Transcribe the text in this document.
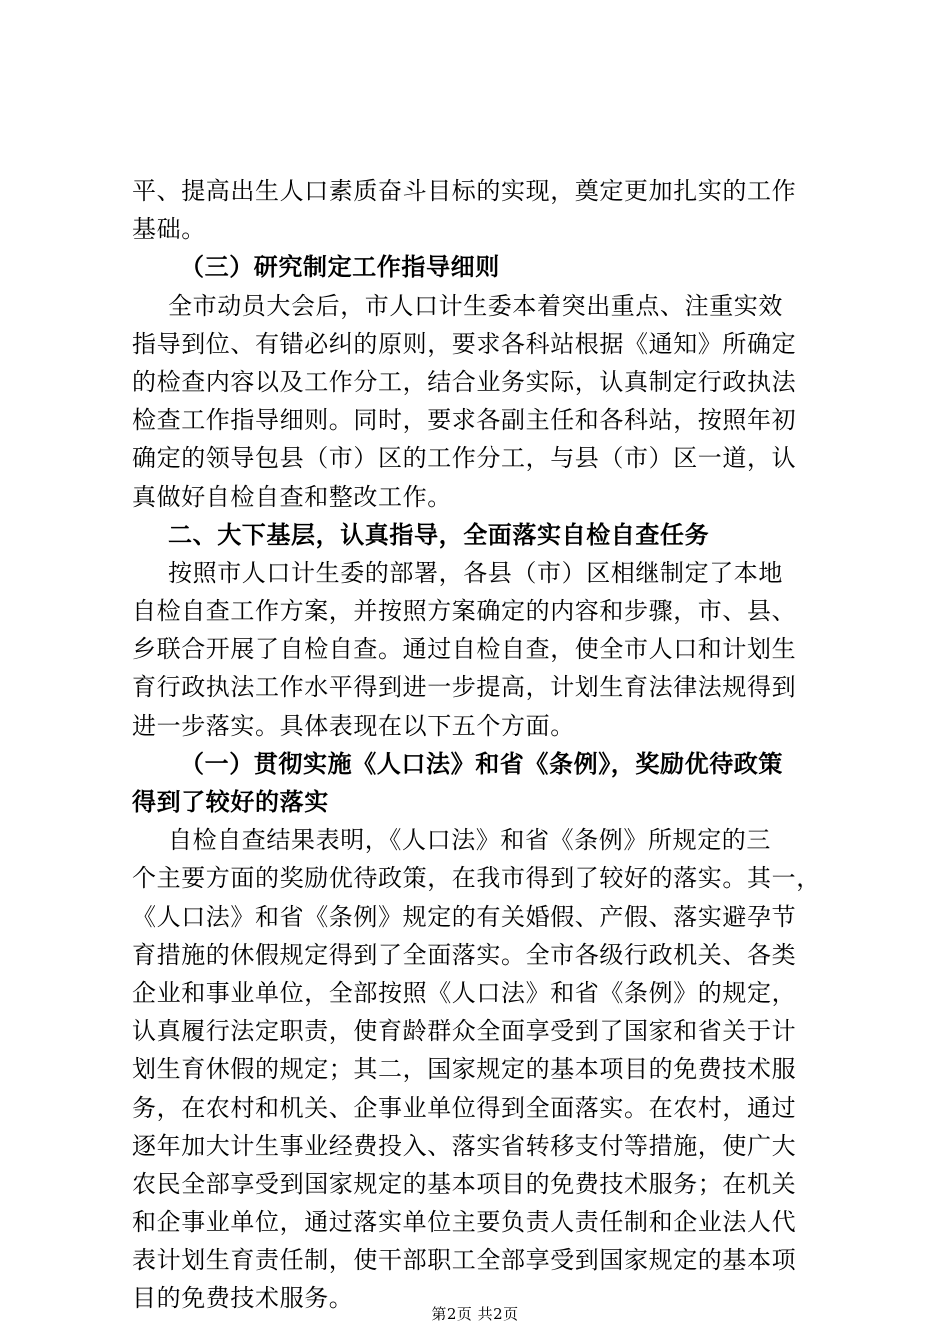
平、提高出生人口素质奋斗目标的实现，奠定更加扎实的工作
基础。
（三）研究制定工作指导细则
全市动员大会后，市人口计生委本着突出重点、注重实效
指导到位、有错必纠的原则，要求各科站根据《通知》所确定
的检查内容以及工作分工，结合业务实际，认真制定行政执法
检查工作指导细则。同时，要求各副主任和各科站，按照年初
确定的领导包县（市）区的工作分工，与县（市）区一道，认
真做好自检自查和整改工作。
二、大下基层，认真指导，全面落实自检自查任务
按照市人口计生委的部署，各县（市）区相继制定了本地
自检自查工作方案，并按照方案确定的内容和步骤，市、县、
乡联合开展了自检自查。通过自检自查，使全市人口和计划生
育行政执法工作水平得到进一步提高，计划生育法律法规得到
进一步落实。具体表现在以下五个方面。
（一）贯彻实施《人口法》和省《条例》，奖励优待政策
得到了较好的落实
自检自查结果表明，《人口法》和省《条例》所规定的三
个主要方面的奖励优待政策，在我市得到了较好的落实。其一，
《人口法》和省《条例》规定的有关婚假、产假、落实避孕节
育措施的休假规定得到了全面落实。全市各级行政机关、各类
企业和事业单位，全部按照《人口法》和省《条例》的规定，
认真履行法定职责，使育龄群众全面享受到了国家和省关于计
划生育休假的规定；其二，国家规定的基本项目的免费技术服
务，在农村和机关、企事业单位得到全面落实。在农村，通过
逐年加大计生事业经费投入、落实省转移支付等措施，使广大
农民全部享受到国家规定的基本项目的免费技术服务；在机关
和企事业单位，通过落实单位主要负责人责任制和企业法人代
表计划生育责任制，使干部职工全部享受到国家规定的基本项
目的免费技术服务。
第2页 共2页
